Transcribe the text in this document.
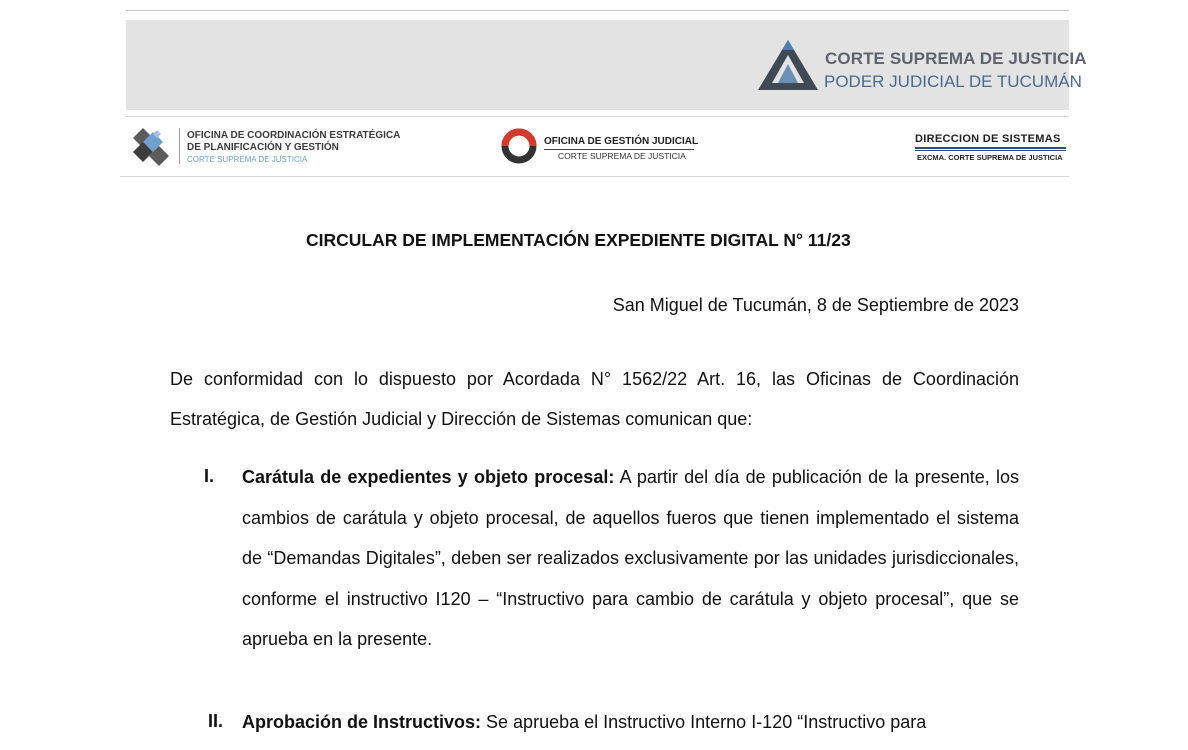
CORTE SUPREMA DE JUSTICIA
PODER JUDICIAL DE TUCUMÁN
OFICINA DE COORDINACIÓN ESTRATÉGICA
DE PLANIFICACIÓN Y GESTIÓN
CORTE SUPREMA DE JUSTICIA
OFICINA DE GESTIÓN JUDICIAL
CORTE SUPREMA DE JUSTICIA
DIRECCION DE SISTEMAS
EXCMA. CORTE SUPREMA DE JUSTICIA
CIRCULAR DE IMPLEMENTACIÓN EXPEDIENTE DIGITAL N° 11/23
San Miguel de Tucumán, 8 de Septiembre de 2023
De conformidad con lo dispuesto por Acordada N° 1562/22 Art. 16, las Oficinas de Coordinación Estratégica, de Gestión Judicial y Dirección de Sistemas comunican que:
I. Carátula de expedientes y objeto procesal: A partir del día de publicación de la presente, los cambios de carátula y objeto procesal, de aquellos fueros que tienen implementado el sistema de “Demandas Digitales”, deben ser realizados exclusivamente por las unidades jurisdiccionales, conforme el instructivo I120 – “Instructivo para cambio de carátula y objeto procesal”, que se aprueba en la presente.
II. Aprobación de Instructivos: Se aprueba el Instructivo Interno I-120 “Instructivo para
